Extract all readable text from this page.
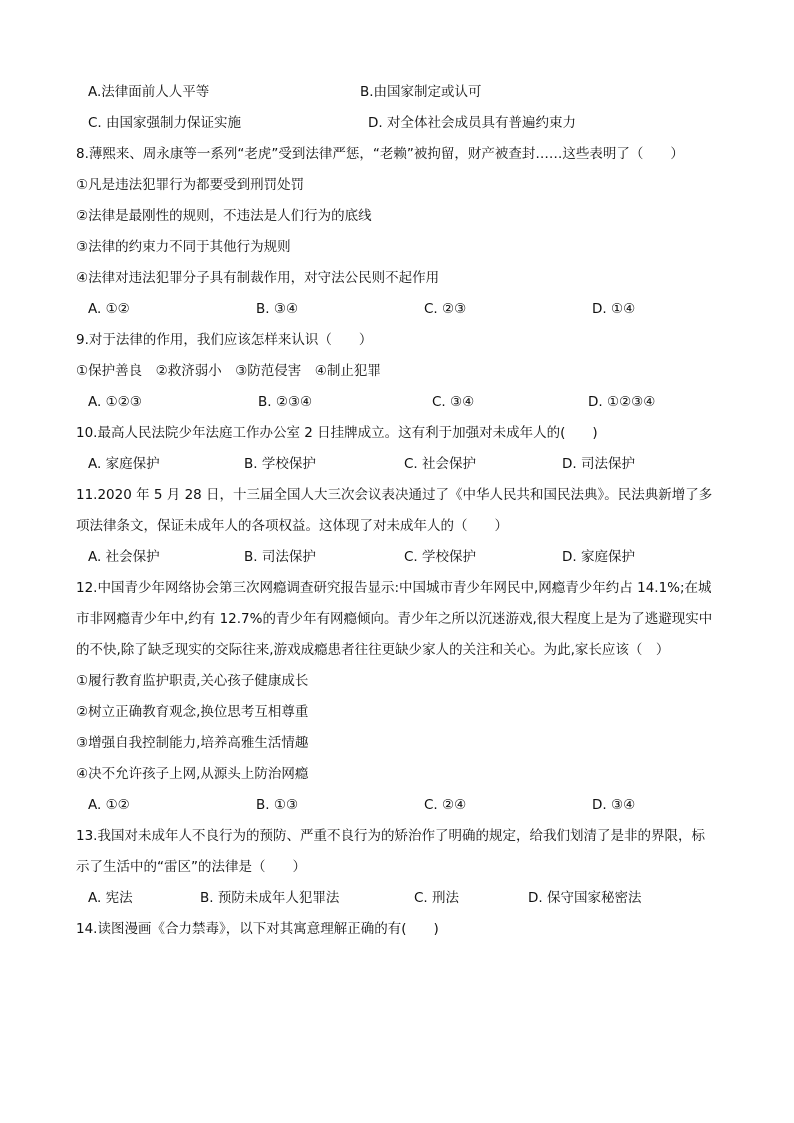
A.法律面前人人平等	B.由国家制定或认可
C. 由国家强制力保证实施	D. 对全体社会成员具有普遍约束力
8.薄熙来、周永康等一系列“老虎”受到法律严惩，“老赖”被拘留，财产被查封……这些表明了（　　）
①凡是违法犯罪行为都要受到刑罚处罚
②法律是最刚性的规则，不违法是人们行为的底线
③法律的约束力不同于其他行为规则
④法律对违法犯罪分子具有制裁作用，对守法公民则不起作用
A. ①②	B. ③④	C. ②③	D. ①④
9.对于法律的作用，我们应该怎样来认识（　　）
①保护善良　②救济弱小　③防范侵害　④制止犯罪
A. ①②③	B. ②③④	C. ③④	D. ①②③④
10.最高人民法院少年法庭工作办公室 2 日挂牌成立。这有利于加强对未成年人的(　　)
A. 家庭保护	B. 学校保护	C. 社会保护	D. 司法保护
11.2020 年 5 月 28 日，十三届全国人大三次会议表决通过了《中华人民共和国民法典》。民法典新增了多
项法律条文，保证未成年人的各项权益。这体现了对未成年人的（　　）
A. 社会保护	B. 司法保护	C. 学校保护	D. 家庭保护
12.中国青少年网络协会第三次网瘾调查研究报告显示:中国城市青少年网民中,网瘾青少年约占 14.1%;在城
市非网瘾青少年中,约有 12.7%的青少年有网瘾倾向。青少年之所以沉迷游戏,很大程度上是为了逃避现实中
的不快,除了缺乏现实的交际往来,游戏成瘾患者往往更缺少家人的关注和关心。为此,家长应该（　）
①履行教育监护职责,关心孩子健康成长
②树立正确教育观念,换位思考互相尊重
③增强自我控制能力,培养高雅生活情趣
④决不允许孩子上网,从源头上防治网瘾
A. ①②	B. ①③	C. ②④	D. ③④
13.我国对未成年人不良行为的预防、严重不良行为的矫治作了明确的规定，给我们划清了是非的界限，标
示了生活中的“雷区”的法律是（　　）
A. 宪法	B. 预防未成年人犯罪法	C. 刑法	D. 保守国家秘密法
14.读图漫画《合力禁毒》，以下对其寓意理解正确的有(　　)
